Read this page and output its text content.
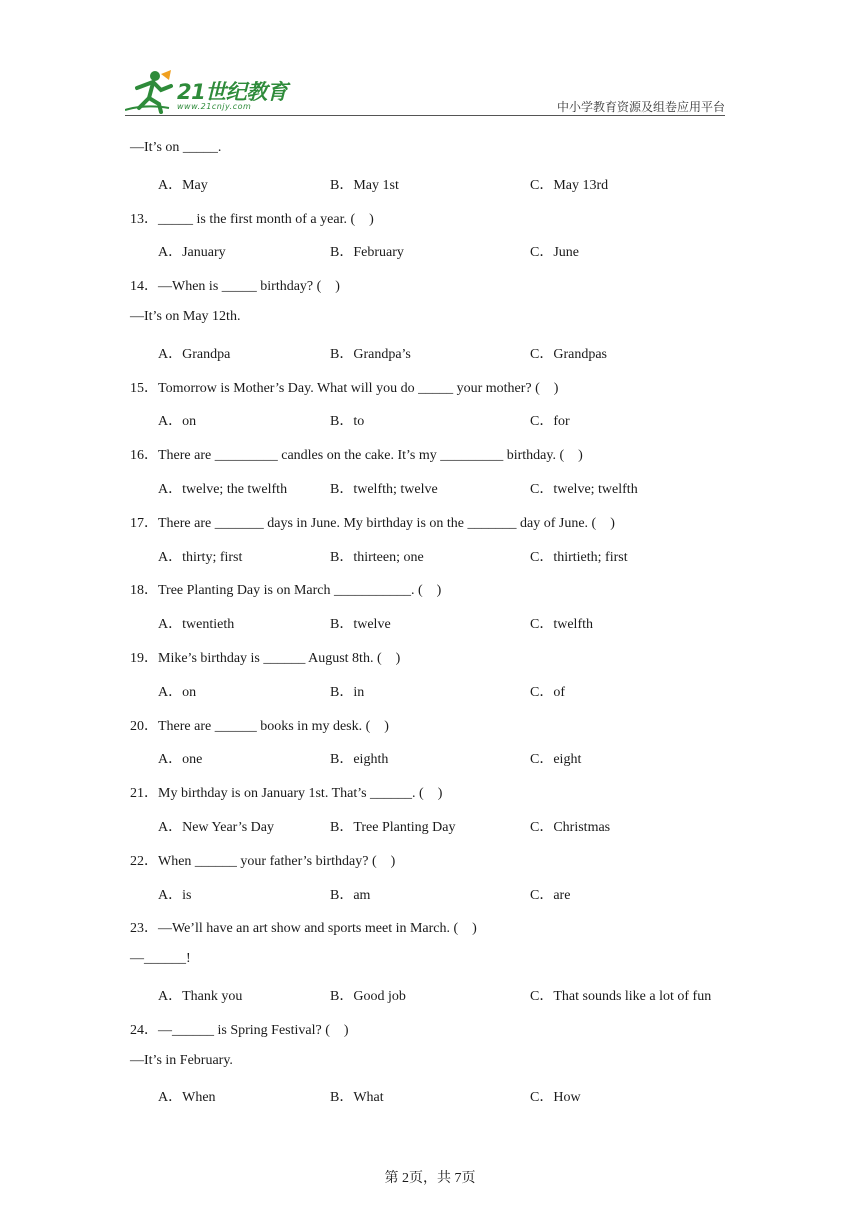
21世纪教育
www.21cnjy.com	中小学教育资源及组卷应用平台
—It’s on _____.
A．May	B．May 1st	C．May 13rd
13．_____ is the first month of a year. (　)
A．January	B．February	C．June
14．—When is _____ birthday? (　)
—It’s on May 12th.
A．Grandpa	B．Grandpa’s	C．Grandpas
15．Tomorrow is Mother’s Day. What will you do _____ your mother? (　)
A．on	B．to	C．for
16．There are _________ candles on the cake. It’s my _________ birthday. (　)
A．twelve; the twelfth	B．twelfth; twelve	C．twelve; twelfth
17．There are _______ days in June. My birthday is on the _______ day of June. (　)
A．thirty; first	B．thirteen; one	C．thirtieth; first
18．Tree Planting Day is on March ___________. (　)
A．twentieth	B．twelve	C．twelfth
19．Mike’s birthday is ______ August 8th. (　)
A．on	B．in	C．of
20．There are ______ books in my desk. (　)
A．one	B．eighth	C．eight
21．My birthday is on January 1st. That’s ______. (　)
A．New Year’s Day	B．Tree Planting Day	C．Christmas
22．When ______ your father’s birthday? (　)
A．is	B．am	C．are
23．—We’ll have an art show and sports meet in March. (　)
—______!
A．Thank you	B．Good job	C．That sounds like a lot of fun
24．—______ is Spring Festival? (　)
—It’s in February.
A．When	B．What	C．How
第 2页，共 7页
